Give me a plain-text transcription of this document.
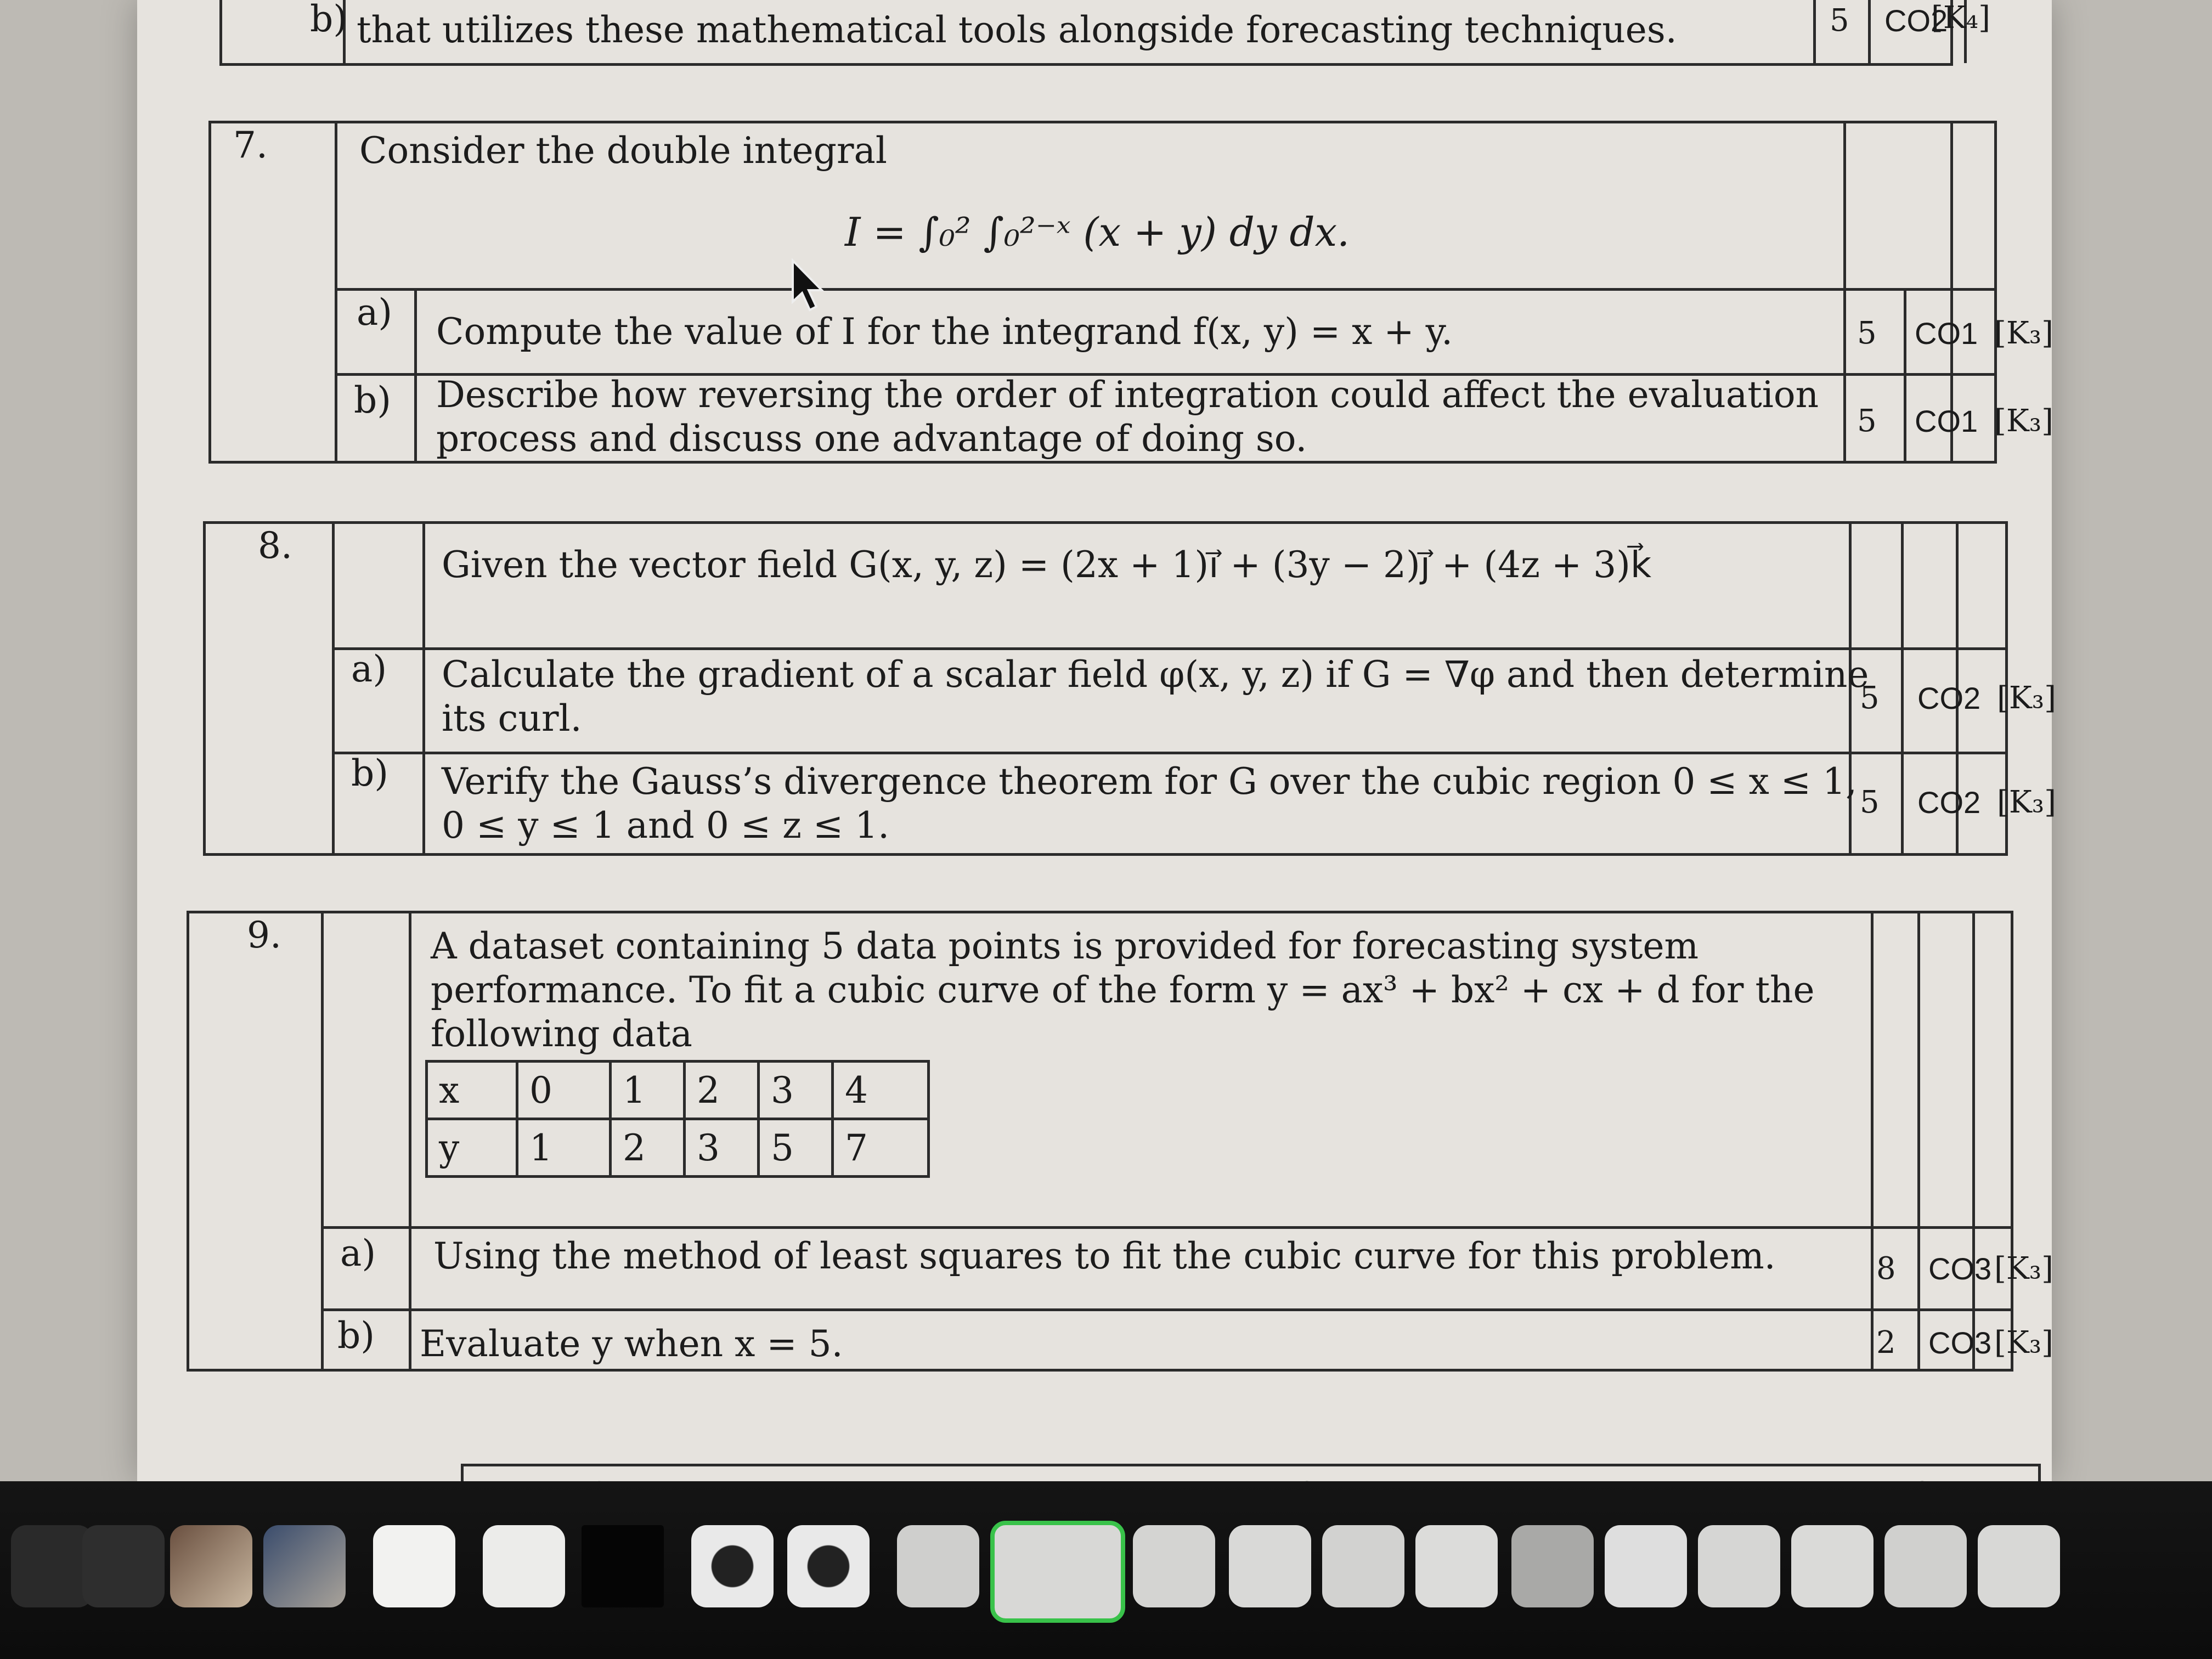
b) that utilizes these mathematical tools alongside forecasting techniques.	5 CO2
[K₄]
7.	Consider the double integral
I = ∫₀² ∫₀²⁻ˣ (x + y) dy dx.
a) Compute the value of I for the integrand f(x, y) = x + y.	5 CO1 [K₃]
b) Describe how reversing the order of integration could affect the evaluation
process and discuss one advantage of doing so.	5 CO1 [K₃]
8.	Given the vector field G(x, y, z) = (2x + 1)ı⃗ + (3y − 2)ȷ⃗ + (4z + 3)k⃗
a) Calculate the gradient of a scalar field φ(x, y, z) if G = ∇φ and then determine
its curl.	5 CO2 [K₃]
b) Verify the Gauss’s divergence theorem for G over the cubic region 0 ≤ x ≤ 1,
0 ≤ y ≤ 1 and 0 ≤ z ≤ 1.
5 CO2 [K₃]
9.	A dataset containing 5 data points is provided for forecasting system
performance. To fit a cubic curve of the form y = ax³ + bx² + cx + d for the
following data
x	0	1	2	3	4
y	1	2	3	5	7
a) Using the method of least squares to fit the cubic curve for this problem.	8 CO3 [K₃]
b) Evaluate y when x = 5.	2 CO3 [K₃]
